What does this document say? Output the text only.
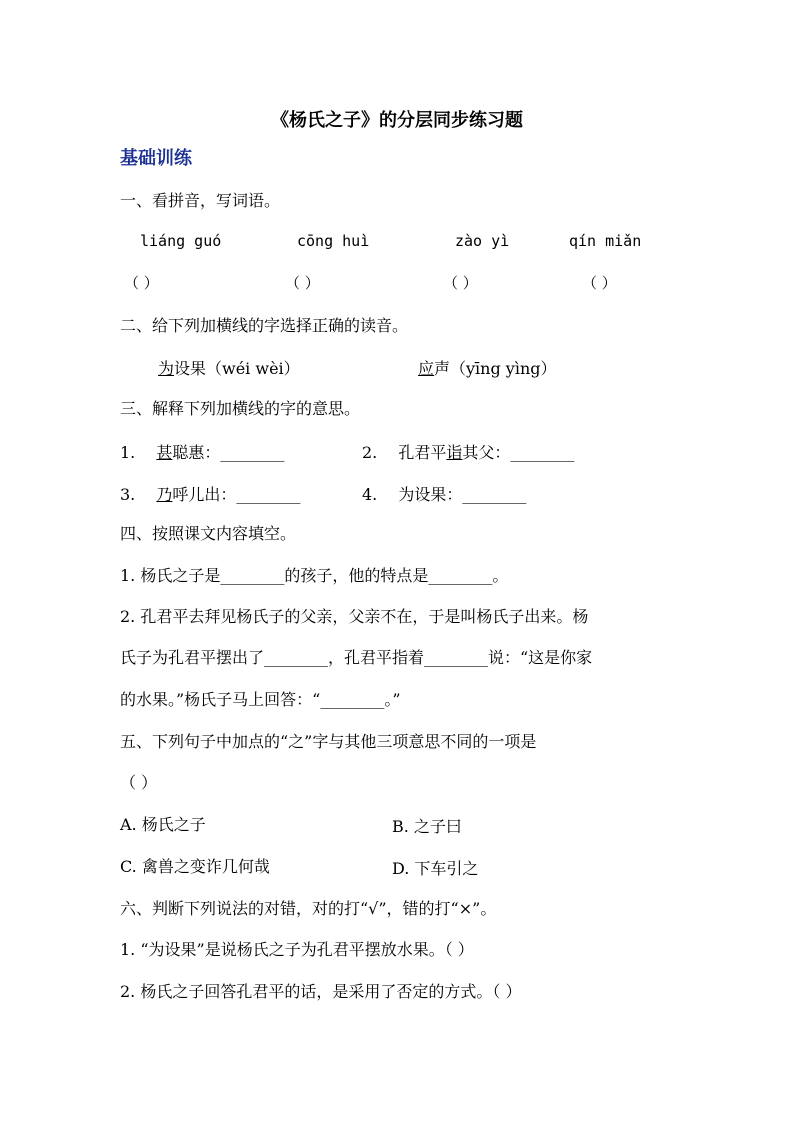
《杨氏之子》的分层同步练习题
基础训练
一、看拼音，写词语。
liáng guó	cōng huì	zào yì	qín miǎn
（ ）	（ ）	（ ）	（ ）
二、给下列加横线的字选择正确的读音。
为设果（wéi wèi）	应声（yīng yìng）
三、解释下列加横线的字的意思。
1. 甚聪惠：________	2. 孔君平诣其父：________
3. 乃呼儿出：________	4. 为设果：________
四、按照课文内容填空。
1. 杨氏之子是________的孩子，他的特点是________。
2. 孔君平去拜见杨氏子的父亲，父亲不在，于是叫杨氏子出来。杨
氏子为孔君平摆出了________，孔君平指着________说：“这是你家
的水果。”杨氏子马上回答：“________。”
五、下列句子中加点的“之”字与其他三项意思不同的一项是
（ ）
A. 杨氏之子	B. 之子曰
C. 禽兽之变诈几何哉	D. 下车引之
六、判断下列说法的对错，对的打“√”，错的打“×”。
1. “为设果”是说杨氏之子为孔君平摆放水果。（ ）
2. 杨氏之子回答孔君平的话，是采用了否定的方式。（ ）
